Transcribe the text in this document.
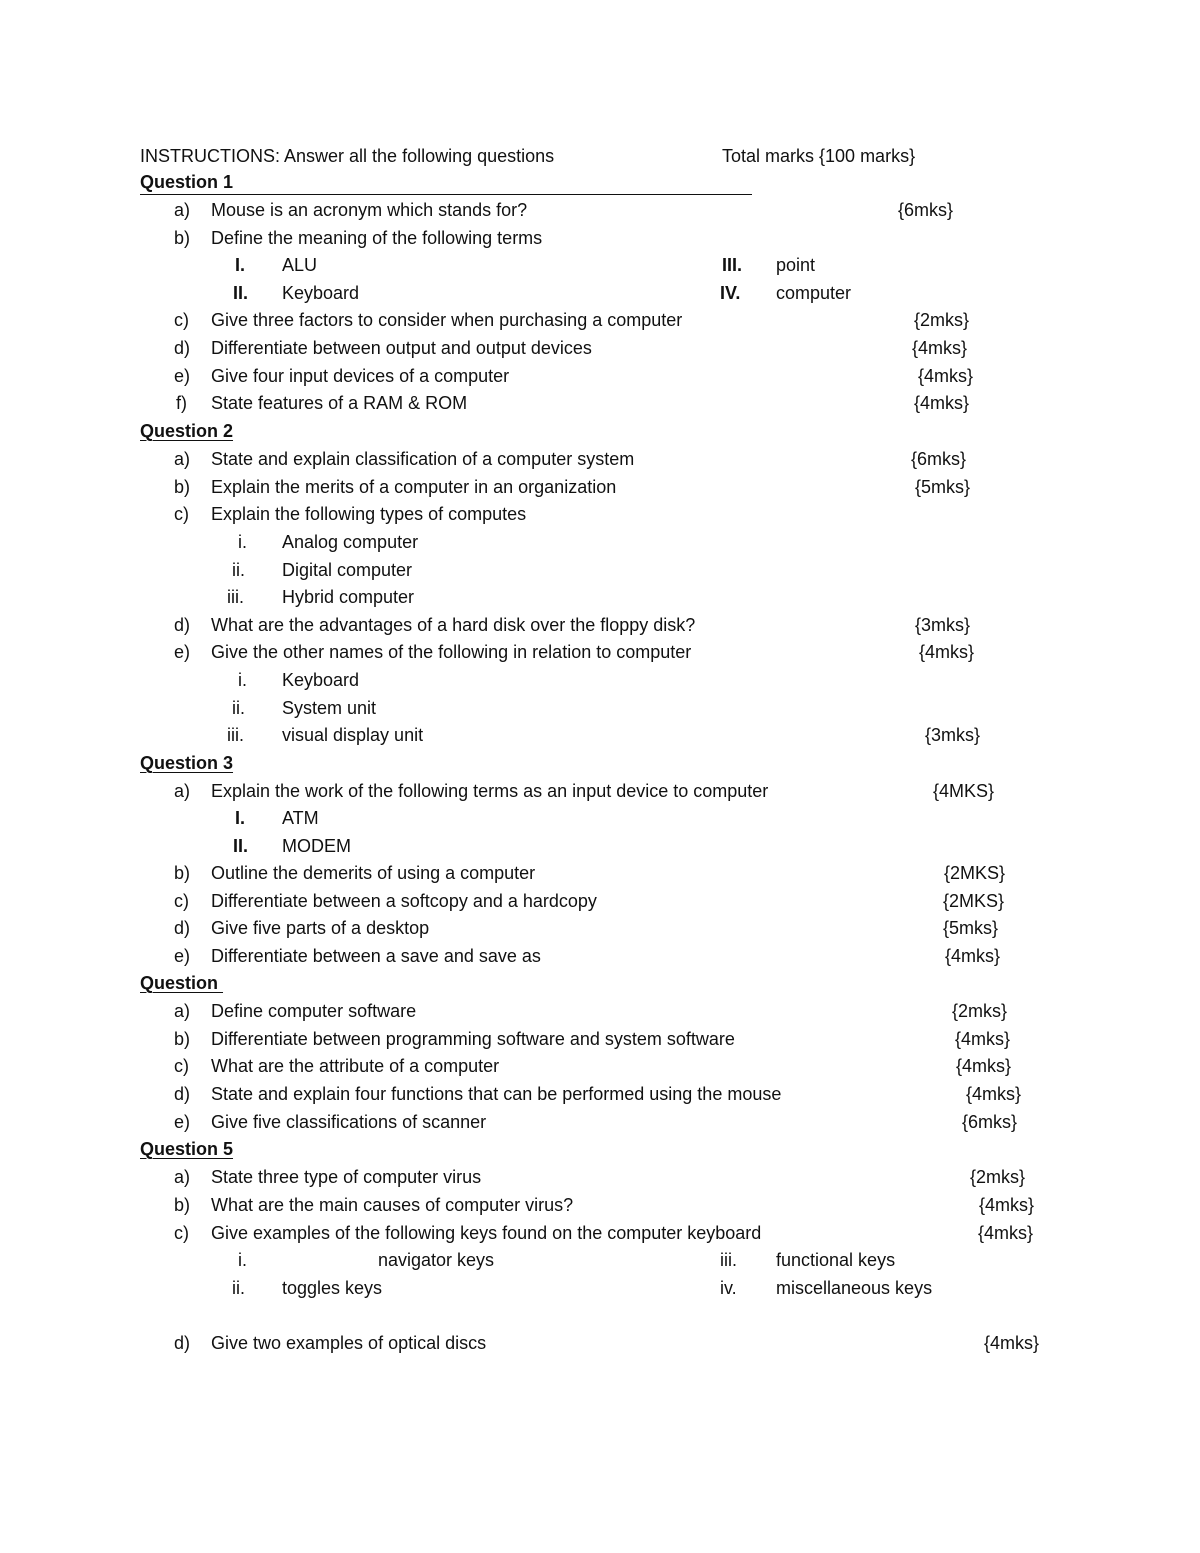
INSTRUCTIONS: Answer all the following questions	Total marks {100 marks}
Question 1
a) Mouse is an acronym which stands for?	{6mks}
b) Define the meaning of the following terms
I. ALU	III. point
II. Keyboard	IV. computer
c) Give three factors to consider when purchasing a computer	{2mks}
d) Differentiate between output and output devices	{4mks}
e) Give four input devices of a computer	{4mks}
f) State features of a RAM & ROM	{4mks}
Question 2
a) State and explain classification of a computer system	{6mks}
b) Explain the merits of a computer in an organization	{5mks}
c) Explain the following types of computes
i. Analog computer
ii. Digital computer
iii. Hybrid computer
d) What are the advantages of a hard disk over the floppy disk?	{3mks}
e) Give the other names of the following in relation to computer	{4mks}
i. Keyboard
ii. System unit
iii. visual display unit	{3mks}
Question 3
a) Explain the work of the following terms as an input device to computer	{4MKS}
I. ATM
II. MODEM
b) Outline the demerits of using a computer	{2MKS}
c) Differentiate between a softcopy and a hardcopy	{2MKS}
d) Give five parts of a desktop	{5mks}
e) Differentiate between a save and save as	{4mks}
Question
a) Define computer software	{2mks}
b) Differentiate between programming software and system software	{4mks}
c) What are the attribute of a computer	{4mks}
d) State and explain four functions that can be performed using the mouse	{4mks}
e) Give five classifications of scanner	{6mks}
Question 5
a) State three type of computer virus	{2mks}
b) What are the main causes of computer virus?	{4mks}
c) Give examples of the following keys found on the computer keyboard	{4mks}
i.	navigator keys	iii. functional keys
ii. toggles keys	iv. miscellaneous keys
d) Give two examples of optical discs	{4mks}
